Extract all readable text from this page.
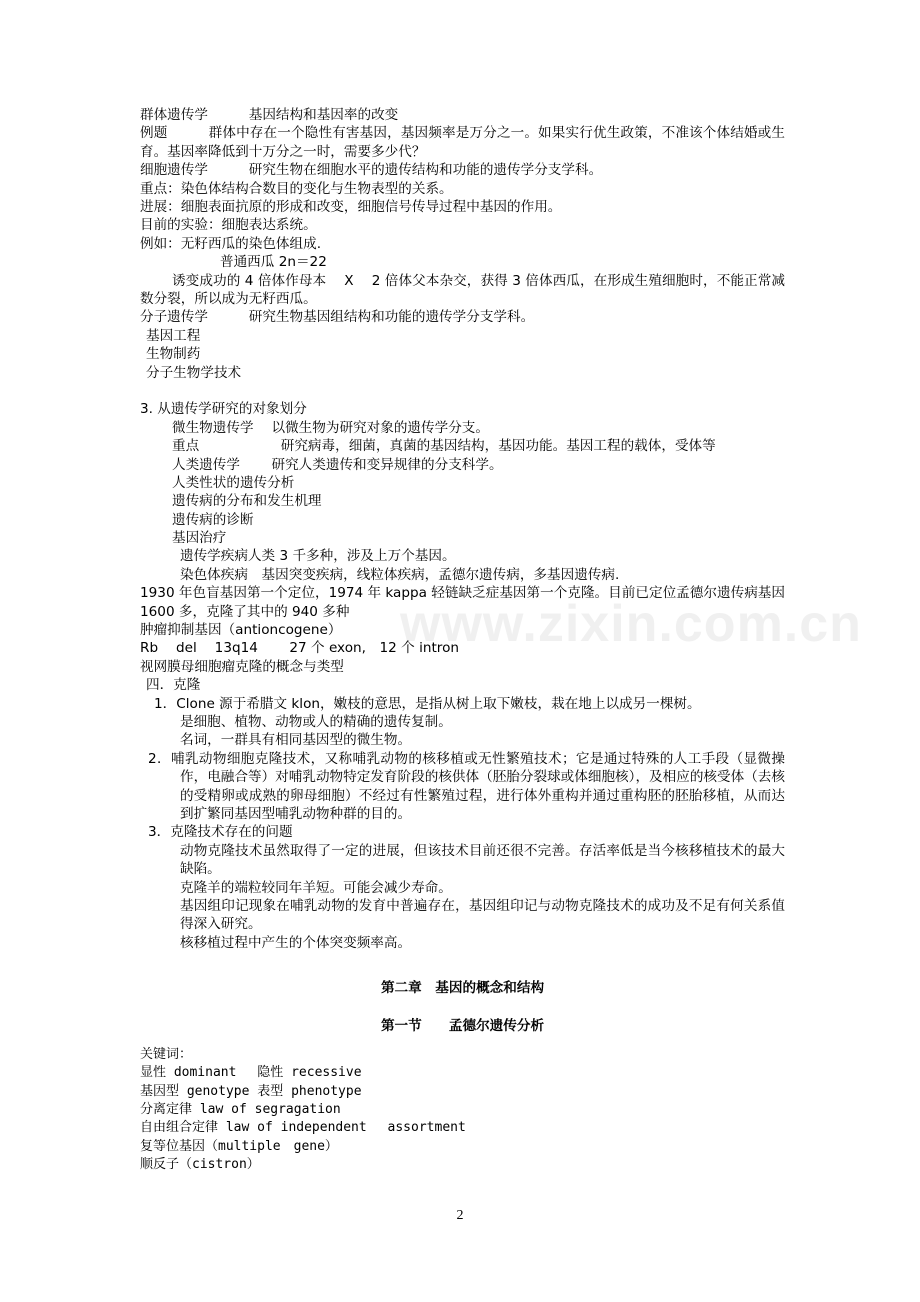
群体遗传学　　　基因结构和基因率的改变
例题　　　群体中存在一个隐性有害基因，基因频率是万分之一。如果实行优生政策，不准该个体结婚或生育。基因率降低到十万分之一时，需要多少代？
细胞遗传学　　　研究生物在细胞水平的遗传结构和功能的遗传学分支学科。
重点：染色体结构合数目的变化与生物表型的关系。
进展：细胞表面抗原的形成和改变，细胞信号传导过程中基因的作用。
目前的实验：细胞表达系统。
例如：无籽西瓜的染色体组成.
普通西瓜 2n＝22
诱变成功的 4 倍体作母本　 X　 2 倍体父本杂交，获得 3 倍体西瓜，在形成生殖细胞时，不能正常减数分裂，所以成为无籽西瓜。
分子遗传学　　　研究生物基因组结构和功能的遗传学分支学科。
基因工程
生物制药
分子生物学技术
3. 从遗传学研究的对象划分
微生物遗传学　 以微生物为研究对象的遗传学分支。
重点　　　　　　研究病毒，细菌，真菌的基因结构，基因功能。基因工程的载体，受体等
人类遗传学　　 研究人类遗传和变异规律的分支科学。
人类性状的遗传分析
遗传病的分布和发生机理
遗传病的诊断
基因治疗
遗传学疾病人类 3 千多种，涉及上万个基因。
染色体疾病　基因突变疾病，线粒体疾病，孟德尔遗传病，多基因遗传病.
1930 年色盲基因第一个定位，1974 年 kappa 轻链缺乏症基因第一个克隆。目前已定位孟德尔遗传病基因 1600 多，克隆了其中的 940 多种
肿瘤抑制基因（antioncogene）
Rb　 del　 13q14　　 27 个 exon,　12 个 intron
视网膜母细胞瘤克隆的概念与类型
四．克隆
1．Clone 源于希腊文 klon，嫩枝的意思，是指从树上取下嫩枝，栽在地上以成另一棵树。
是细胞、植物、动物或人的精确的遗传复制。
名词，一群具有相同基因型的微生物。
2．哺乳动物细胞克隆技术，又称哺乳动物的核移植或无性繁殖技术；它是通过特殊的人工手段（显微操作，电融合等）对哺乳动物特定发育阶段的核供体（胚胎分裂球或体细胞核），及相应的核受体（去核的受精卵或成熟的卵母细胞）不经过有性繁殖过程，进行体外重构并通过重构胚的胚胎移植，从而达到扩繁同基因型哺乳动物种群的目的。
3．克隆技术存在的问题
动物克隆技术虽然取得了一定的进展，但该技术目前还很不完善。存活率低是当今核移植技术的最大缺陷。
克隆羊的端粒较同年羊短。可能会减少寿命。
基因组印记现象在哺乳动物的发育中普遍存在，基因组印记与动物克隆技术的成功及不足有何关系值得深入研究。
核移植过程中产生的个体突变频率高。
第二章　基因的概念和结构
第一节　　孟德尔遗传分析
关键词：
显性 dominant　 隐性 recessive
基因型 genotype 表型 phenotype
分离定律 law of segragation
自由组合定律 law of independent　 assortment
复等位基因（multiple　gene）
顺反子（cistron）
www.zixin.com.cn
2
